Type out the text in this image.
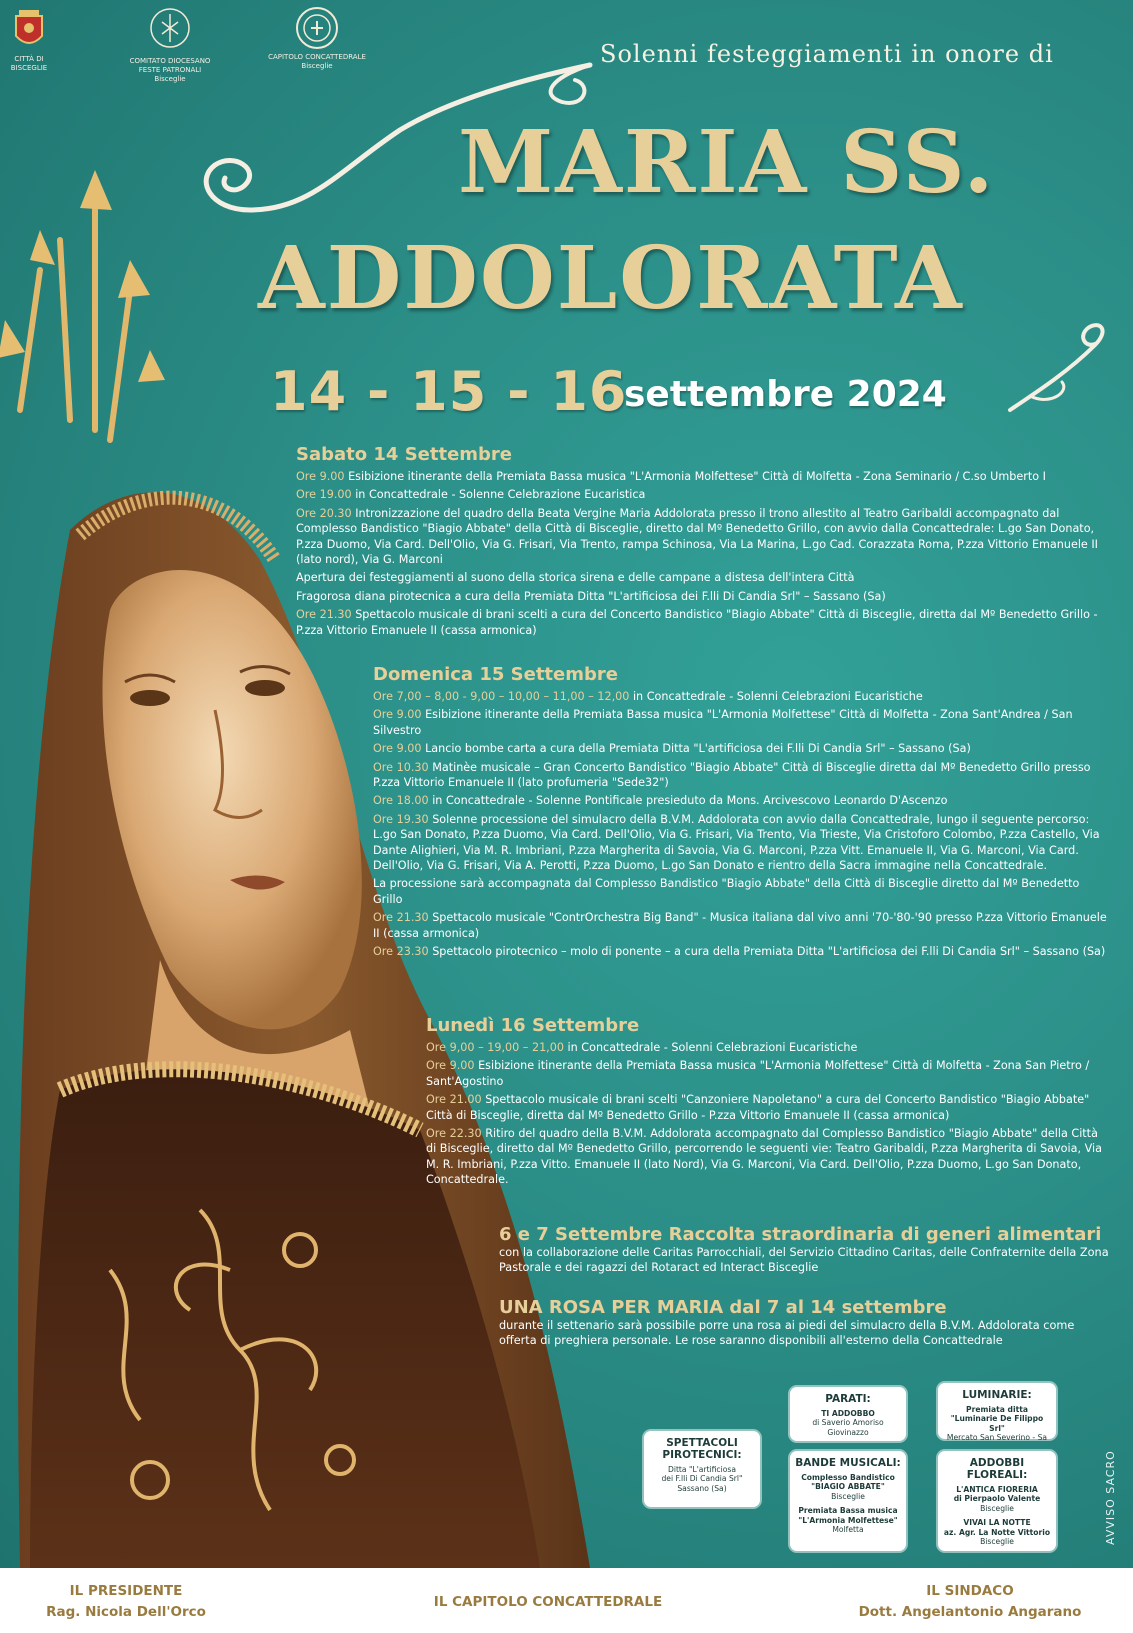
CITTÀ DI
BISCEGLIE
COMITATO DIOCESANO
FESTE PATRONALI
Bisceglie
CAPITOLO CONCATTEDRALE
Bisceglie	Solenni festeggiamenti in onore di
MARIA SS.
ADDOLORATA
14 - 15 - 16
settembre 2024
Sabato 14 Settembre
Ore 9.00 Esibizione itinerante della Premiata Bassa musica "L'Armonia Molfettese" Città di Molfetta - Zona Seminario / C.so Umberto I
Ore 19.00 in Concattedrale - Solenne Celebrazione Eucaristica
Ore 20.30 Intronizzazione del quadro della Beata Vergine Maria Addolorata presso il trono allestito al Teatro Garibaldi accompagnato dal Complesso Bandistico "Biagio Abbate" della Città di Bisceglie, diretto dal Mº Benedetto Grillo, con avvio dalla Concattedrale: L.go San Donato, P.zza Duomo, Via Card. Dell'Olio, Via G. Frisari, Via Trento, rampa Schinosa, Via La Marina, L.go Cad. Corazzata Roma, P.zza Vittorio Emanuele II (lato nord), Via G. Marconi
Apertura dei festeggiamenti al suono della storica sirena e delle campane a distesa dell'intera Città
Fragorosa diana pirotecnica a cura della Premiata Ditta "L'artificiosa dei F.lli Di Candia Srl" – Sassano (Sa)
Ore 21.30 Spettacolo musicale di brani scelti a cura del Concerto Bandistico "Biagio Abbate" Città di Bisceglie, diretta dal Mº Benedetto Grillo - P.zza Vittorio Emanuele II (cassa armonica)
Domenica 15 Settembre
Ore 7,00 – 8,00 - 9,00 – 10,00 – 11,00 – 12,00 in Concattedrale - Solenni Celebrazioni Eucaristiche
Ore 9.00 Esibizione itinerante della Premiata Bassa musica "L'Armonia Molfettese" Città di Molfetta - Zona Sant'Andrea / San Silvestro
Ore 9.00 Lancio bombe carta a cura della Premiata Ditta "L'artificiosa dei F.lli Di Candia Srl" – Sassano (Sa)
Ore 10.30 Matinèe musicale – Gran Concerto Bandistico "Biagio Abbate" Città di Bisceglie diretta dal Mº Benedetto Grillo presso P.zza Vittorio Emanuele II (lato profumeria "Sede32")
Ore 18.00 in Concattedrale - Solenne Pontificale presieduto da Mons. Arcivescovo Leonardo D'Ascenzo
Ore 19.30 Solenne processione del simulacro della B.V.M. Addolorata con avvio dalla Concattedrale, lungo il seguente percorso: L.go San Donato, P.zza Duomo, Via Card. Dell'Olio, Via G. Frisari, Via Trento, Via Trieste, Via Cristoforo Colombo, P.zza Castello, Via Dante Alighieri, Via M. R. Imbriani, P.zza Margherita di Savoia, Via G. Marconi, P.zza Vitt. Emanuele II, Via G. Marconi, Via Card. Dell'Olio, Via G. Frisari, Via A. Perotti, P.zza Duomo, L.go San Donato e rientro della Sacra immagine nella Concattedrale.
La processione sarà accompagnata dal Complesso Bandistico "Biagio Abbate" della Città di Bisceglie diretto dal Mº Benedetto Grillo
Ore 21.30 Spettacolo musicale "ContrOrchestra Big Band" - Musica italiana dal vivo anni '70-'80-'90 presso P.zza Vittorio Emanuele II (cassa armonica)
Ore 23.30 Spettacolo pirotecnico – molo di ponente – a cura della Premiata Ditta "L'artificiosa dei F.lli Di Candia Srl" – Sassano (Sa)
Lunedì 16 Settembre
Ore 9,00 – 19,00 – 21,00 in Concattedrale - Solenni Celebrazioni Eucaristiche
Ore 9.00 Esibizione itinerante della Premiata Bassa musica "L'Armonia Molfettese" Città di Molfetta - Zona San Pietro / Sant'Agostino
Ore 21.00 Spettacolo musicale di brani scelti "Canzoniere Napoletano" a cura del Concerto Bandistico "Biagio Abbate" Città di Bisceglie, diretta dal Mº Benedetto Grillo - P.zza Vittorio Emanuele II (cassa armonica)
Ore 22.30 Ritiro del quadro della B.V.M. Addolorata accompagnato dal Complesso Bandistico "Biagio Abbate" della Città di Bisceglie, diretto dal Mº Benedetto Grillo, percorrendo le seguenti vie: Teatro Garibaldi, P.zza Margherita di Savoia, Via M. R. Imbriani, P.zza Vitto. Emanuele II (lato Nord), Via G. Marconi, Via Card. Dell'Olio, P.zza Duomo, L.go San Donato, Concattedrale.
6 e 7 Settembre Raccolta straordinaria di generi alimentari
con la collaborazione delle Caritas Parrocchiali, del Servizio Cittadino Caritas, delle Confraternite della Zona Pastorale e dei ragazzi del Rotaract ed Interact Bisceglie
UNA ROSA PER MARIA dal 7 al 14 settembre
durante il settenario sarà possibile porre una rosa ai piedi del simulacro della B.V.M. Addolorata come offerta di preghiera personale. Le rose saranno disponibili all'esterno della Concattedrale
PARATI:
TI ADDOBBO
di Saverio Amoriso
Giovinazzo
LUMINARIE:
Premiata ditta
"Luminarie De Filippo Srl"
Mercato San Severino - Sa
SPETTACOLI
PIROTECNICI:
Ditta "L'artificiosa
dei F.lli Di Candia Srl"
Sassano (Sa)
BANDE MUSICALI:
Complesso Bandistico
"BIAGIO ABBATE"
Bisceglie
Premiata Bassa musica
"L'Armonia Molfettese"
Molfetta
ADDOBBI FLOREALI:
L'ANTICA FIORERIA
di Pierpaolo Valente
Bisceglie
VIVAI LA NOTTE
az. Agr. La Notte Vittorio
Bisceglie	AVVISO SACRO
IL PRESIDENTE
Rag. Nicola Dell'Orco
IL CAPITOLO CONCATTEDRALE
IL SINDACO
Dott. Angelantonio Angarano
